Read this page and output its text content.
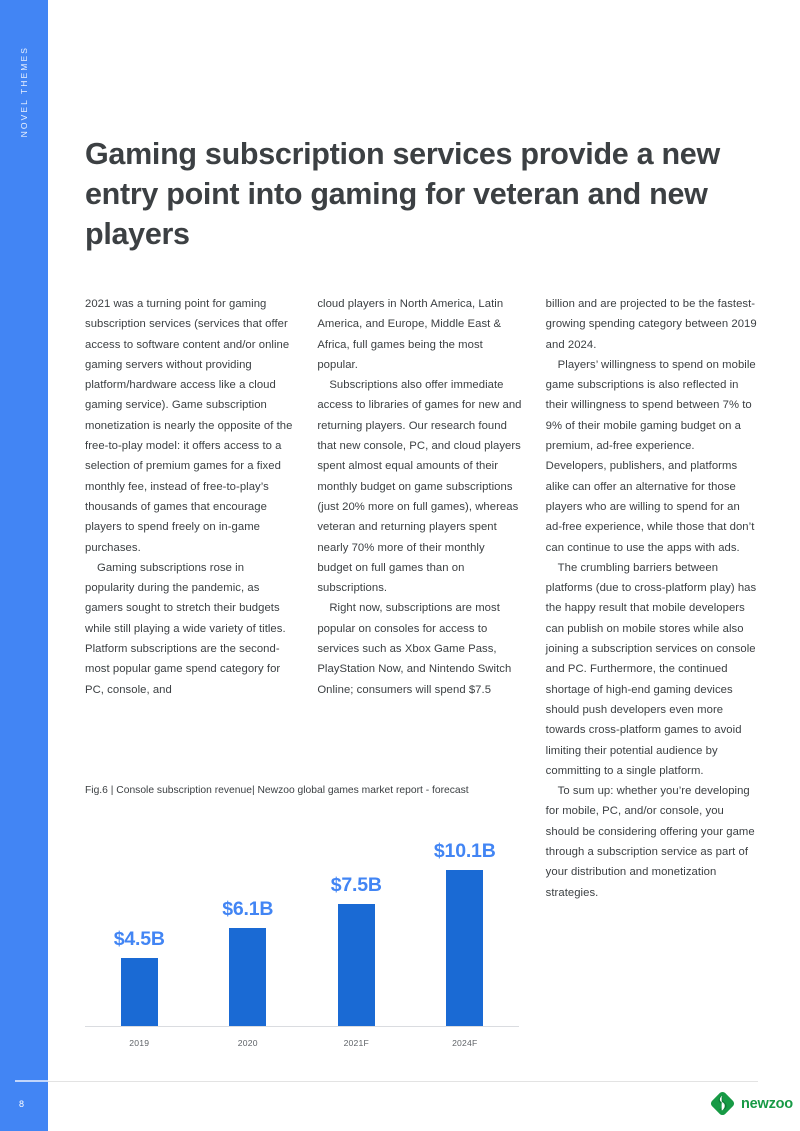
NOVEL THEMES
8
Gaming subscription services provide a new entry point into gaming for veteran and new players

2021 was a turning point for gaming subscription services (services that offer access to software content and/or online gaming servers without providing platform/hardware access like a cloud gaming service). Game subscription monetization is nearly the opposite of the free-to-play model: it offers access to a selection of premium games for a fixed monthly fee, instead of free-to-play’s thousands of games that encourage players to spend freely on in-game purchases.

Gaming subscriptions rose in popularity during the pandemic, as gamers sought to stretch their budgets while still playing a wide variety of titles. Platform subscriptions are the second-most popular game spend category for PC, console, and

cloud players in North America, Latin America, and Europe, Middle East & Africa, full games being the most popular.

Subscriptions also offer immediate access to libraries of games for new and returning players. Our research found that new console, PC, and cloud players spent almost equal amounts of their monthly budget on game subscriptions (just 20% more on full games), whereas veteran and returning players spent nearly 70% more of their monthly budget on full games than on subscriptions.

Right now, subscriptions are most popular on consoles for access to services such as Xbox Game Pass, PlayStation Now, and Nintendo Switch Online; consumers will spend $7.5

billion and are projected to be the fastest-growing spending category between 2019 and 2024.

Players’ willingness to spend on mobile game subscriptions is also reflected in their willingness to spend between 7% to 9% of their mobile gaming budget on a premium, ad-free experience. Developers, publishers, and platforms alike can offer an alternative for those players who are willing to spend for an ad-free experience, while those that don’t can continue to use the apps with ads.

The crumbling barriers between platforms (due to cross-platform play) has the happy result that mobile developers can publish on mobile stores while also joining a subscription services on console and PC. Furthermore, the continued shortage of high-end gaming devices should push developers even more towards cross-platform games to avoid limiting their potential audience by committing to a single platform.

To sum up: whether you’re developing for mobile, PC, and/or console, you should be considering offering your game through a subscription service as part of your distribution and monetization strategies.

Fig.6 | Console subscription revenue| Newzoo global games market report - forecast
$4.5B
$6.1B
$7.5B
$10.1B
2019	2020	2021F	2024F
newzoo
